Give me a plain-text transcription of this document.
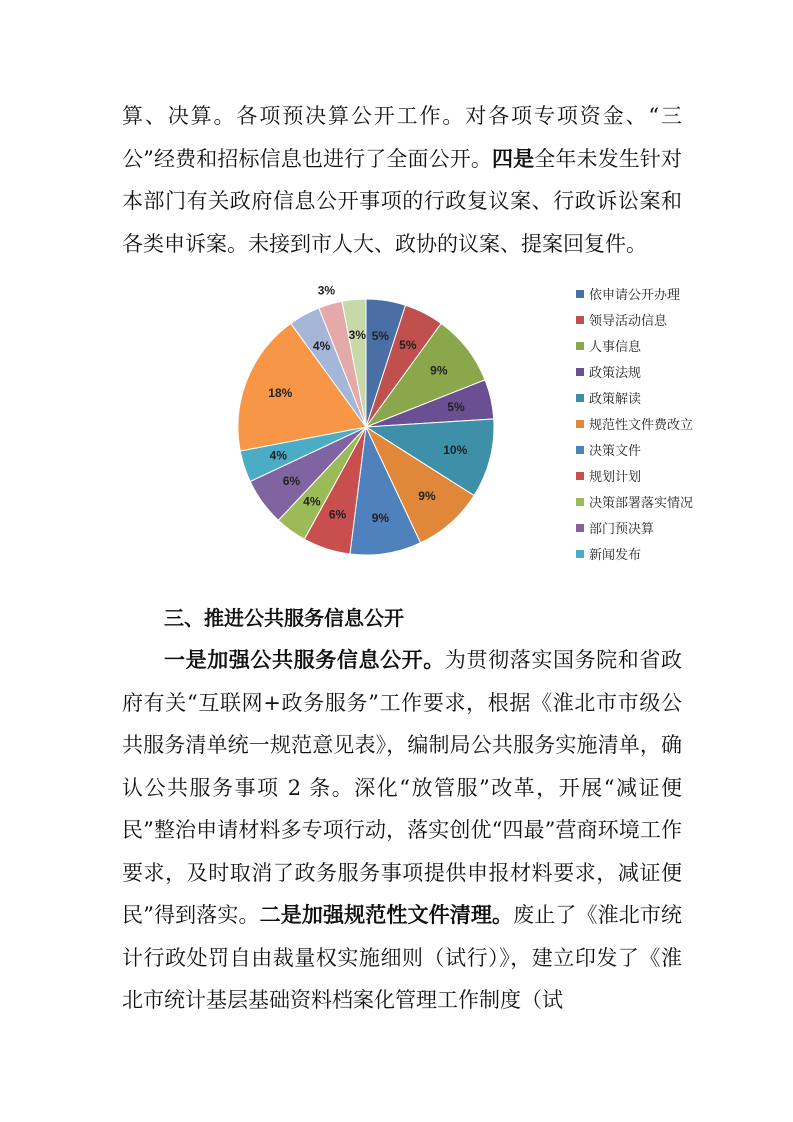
算、决算。各项预决算公开工作。对各项专项资金、“三公”经费和招标信息也进行了全面公开。四是全年未发生针对本部门有关政府信息公开事项的行政复议案、行政诉讼案和各类申诉案。未接到市人大、政协的议案、提案回复件。

5%
5%
9%
5%
10%
9%
9%
6%
4%
6%
4%
18%
4%
3%
3%
依申请公开办理
领导活动信息
人事信息
政策法规
政策解读
规范性文件费改立
决策文件
规划计划
决策部署落实情况
部门预决算
新闻发布
三、推进公共服务信息公开

一是加强公共服务信息公开。为贯彻落实国务院和省政府有关“互联网+政务服务”工作要求，根据《淮北市市级公共服务清单统一规范意见表》，编制局公共服务实施清单，确认公共服务事项 2 条。深化“放管服”改革，开展“减证便民”整治申请材料多专项行动，落实创优“四最”营商环境工作要求，及时取消了政务服务事项提供申报材料要求，减证便民”得到落实。二是加强规范性文件清理。废止了《淮北市统计行政处罚自由裁量权实施细则（试行）》，建立印发了《淮北市统计基层基础资料档案化管理工作制度（试
